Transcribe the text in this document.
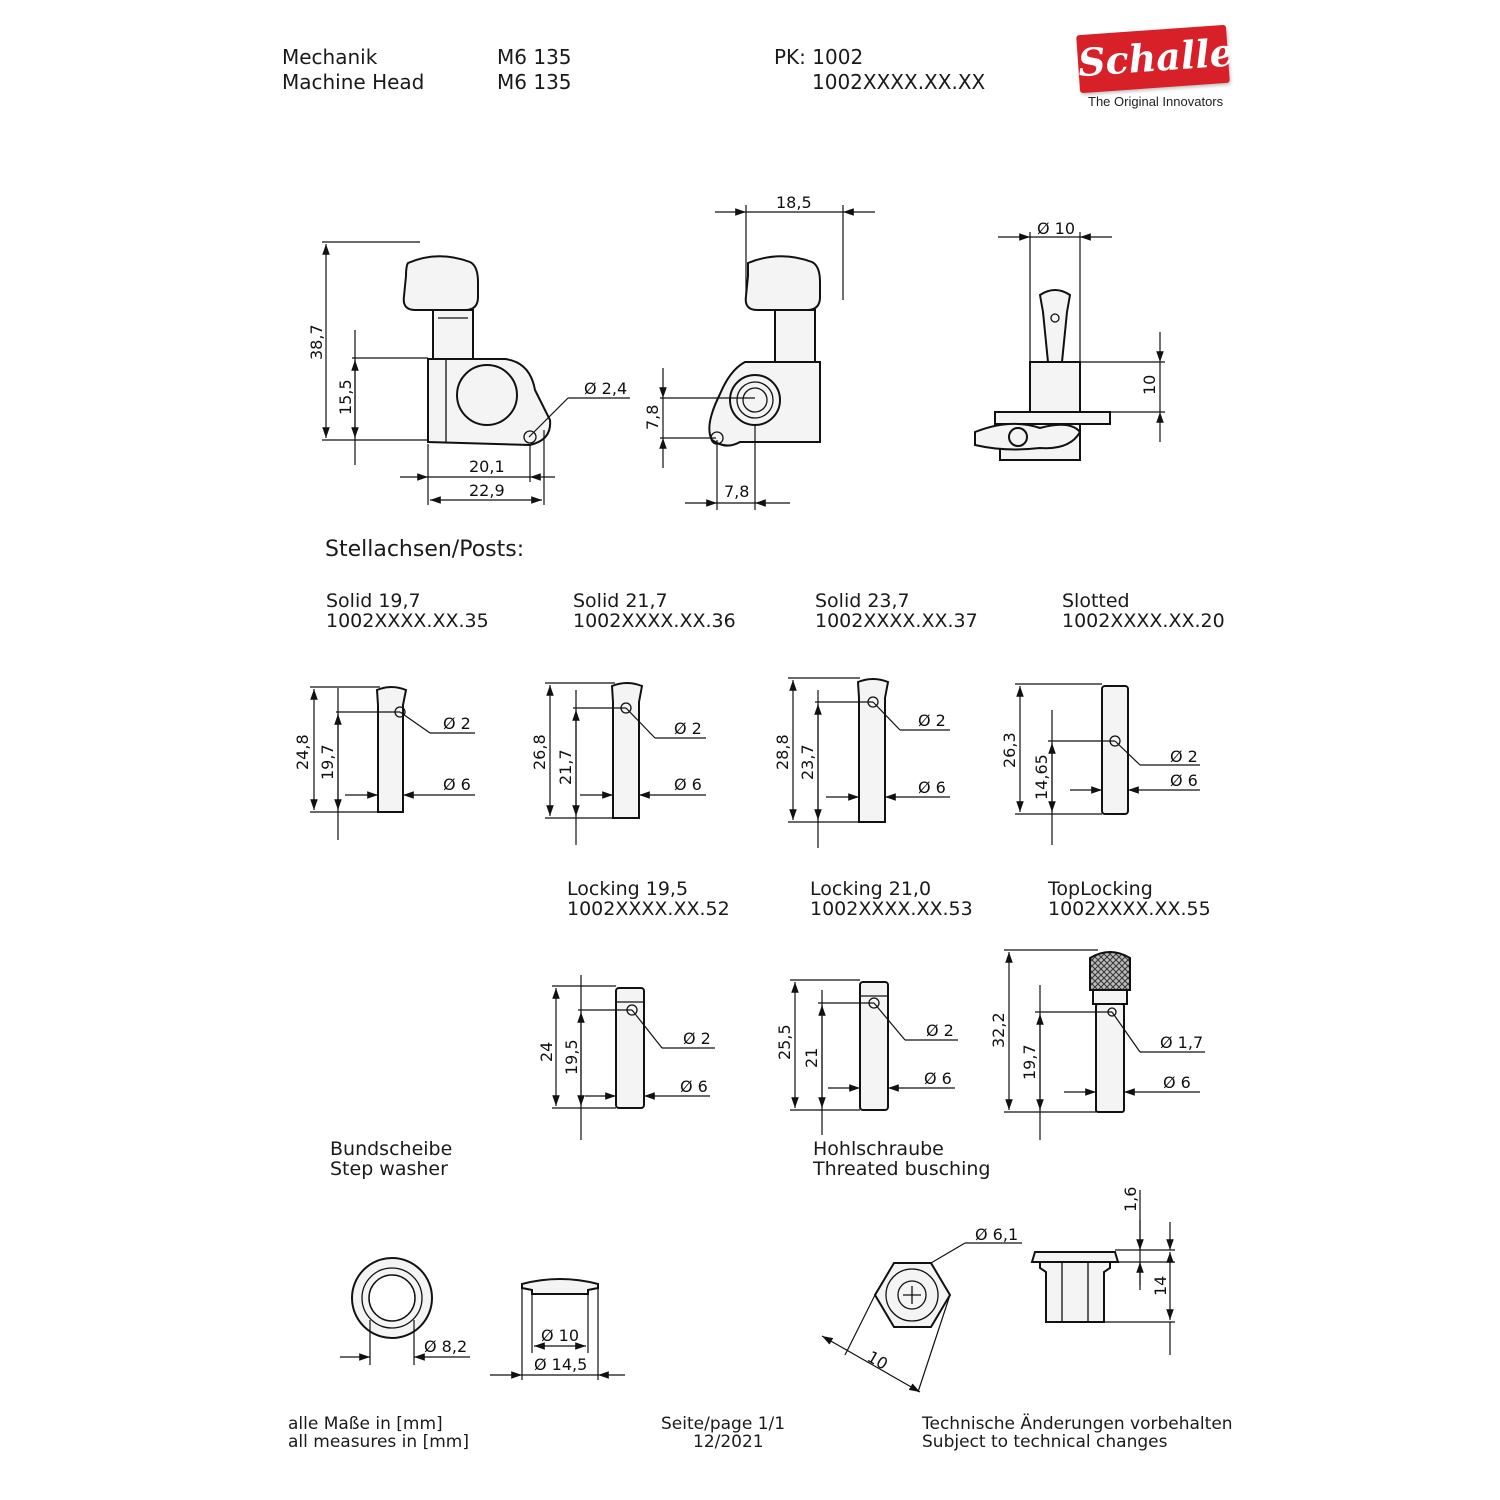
Mechanik
Machine Head
M6 135
M6 135
PK: 1002
1002XXXX.XX.XX Schaller
The Original Innovators
38,7
15,5	Ø 2,4
20,1
22,9
18,5
7,8
7,8
Ø 10
10
24,8 19,7
Ø 2
Ø 6
26,8 21,7
Ø 2
Ø 6
28,8 23,7
Ø 2
Ø 6
26,3
14,65	Ø 2
Ø 6
24 19,5
Ø 2
Ø 6
25,5 21
Ø 2
Ø 6
32,2
19,7
Ø 1,7
Ø 6
Ø 8,2
Ø 10
Ø 14,5
Ø 6,1
10
1,6
14
Stellachsen/Posts:
Solid 19,7
1002XXXX.XX.35
Solid 21,7
1002XXXX.XX.36
Solid 23,7
1002XXXX.XX.37
Slotted
1002XXXX.XX.20
Locking 19,5
1002XXXX.XX.52
Locking 21,0
1002XXXX.XX.53
TopLocking
1002XXXX.XX.55
Bundscheibe
Step washer
Hohlschraube
Threated busching
alle Maße in [mm]
all measures in [mm]
Seite/page 1/1
12/2021
Technische Änderungen vorbehalten
Subject to technical changes
